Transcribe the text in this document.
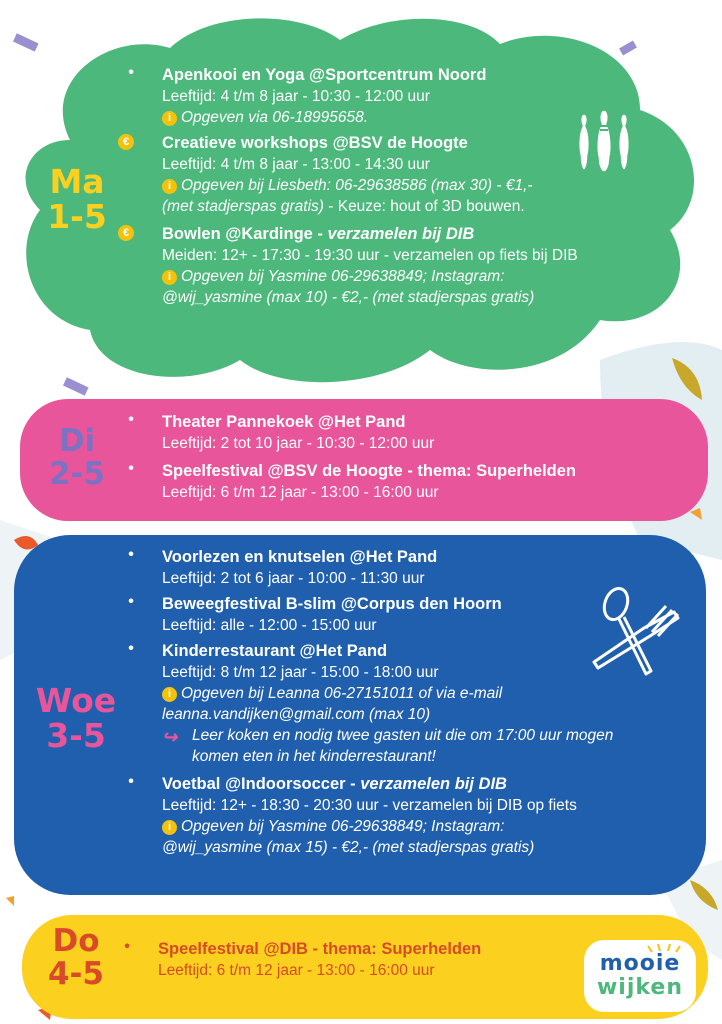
Ma
1-5
• Apenkooi en Yoga @Sportcentrum Noord
Leeftijd: 4 t/m 8 jaar - 10:30 - 12:00 uur
i Opgeven via 06-18995658.
€ Creatieve workshops @BSV de Hoogte
Leeftijd: 4 t/m 8 jaar - 13:00 - 14:30 uur
i Opgeven bij Liesbeth: 06-29638586 (max 30) - €1,-
(met stadjerspas gratis) - Keuze: hout of 3D bouwen.
€ Bowlen @Kardinge - verzamelen bij DIB
Meiden: 12+ - 17:30 - 19:30 uur - verzamelen op fiets bij DIB
i Opgeven bij Yasmine 06-29638849; Instagram:
@wij_yasmine (max 10) - €2,- (met stadjerspas gratis)
Di
2-5
• Theater Pannekoek @Het Pand
Leeftijd: 2 tot 10 jaar - 10:30 - 12:00 uur
• Speelfestival @BSV de Hoogte - thema: Superhelden
Leeftijd: 6 t/m 12 jaar - 13:00 - 16:00 uur
Woe
3-5
• Voorlezen en knutselen @Het Pand
Leeftijd: 2 tot 6 jaar - 10:00 - 11:30 uur
• Beweegfestival B-slim @Corpus den Hoorn
Leeftijd: alle - 12:00 - 15:00 uur
• Kinderrestaurant @Het Pand
Leeftijd: 8 t/m 12 jaar - 15:00 - 18:00 uur
i Opgeven bij Leanna 06-27151011 of via e-mail
leanna.vandijken@gmail.com (max 10)
↪ Leer koken en nodig twee gasten uit die om 17:00 uur mogen
komen eten in het kinderrestaurant!
• Voetbal @Indoorsoccer - verzamelen bij DIB
Leeftijd: 12+ - 18:30 - 20:30 uur - verzamelen bij DIB op fiets
i Opgeven bij Yasmine 06-29638849; Instagram:
@wij_yasmine (max 15) - €2,- (met stadjerspas gratis)
Do
4-5
• Speelfestival @DIB - thema: Superhelden
Leeftijd: 6 t/m 12 jaar - 13:00 - 16:00 uur	mooie
wijken
